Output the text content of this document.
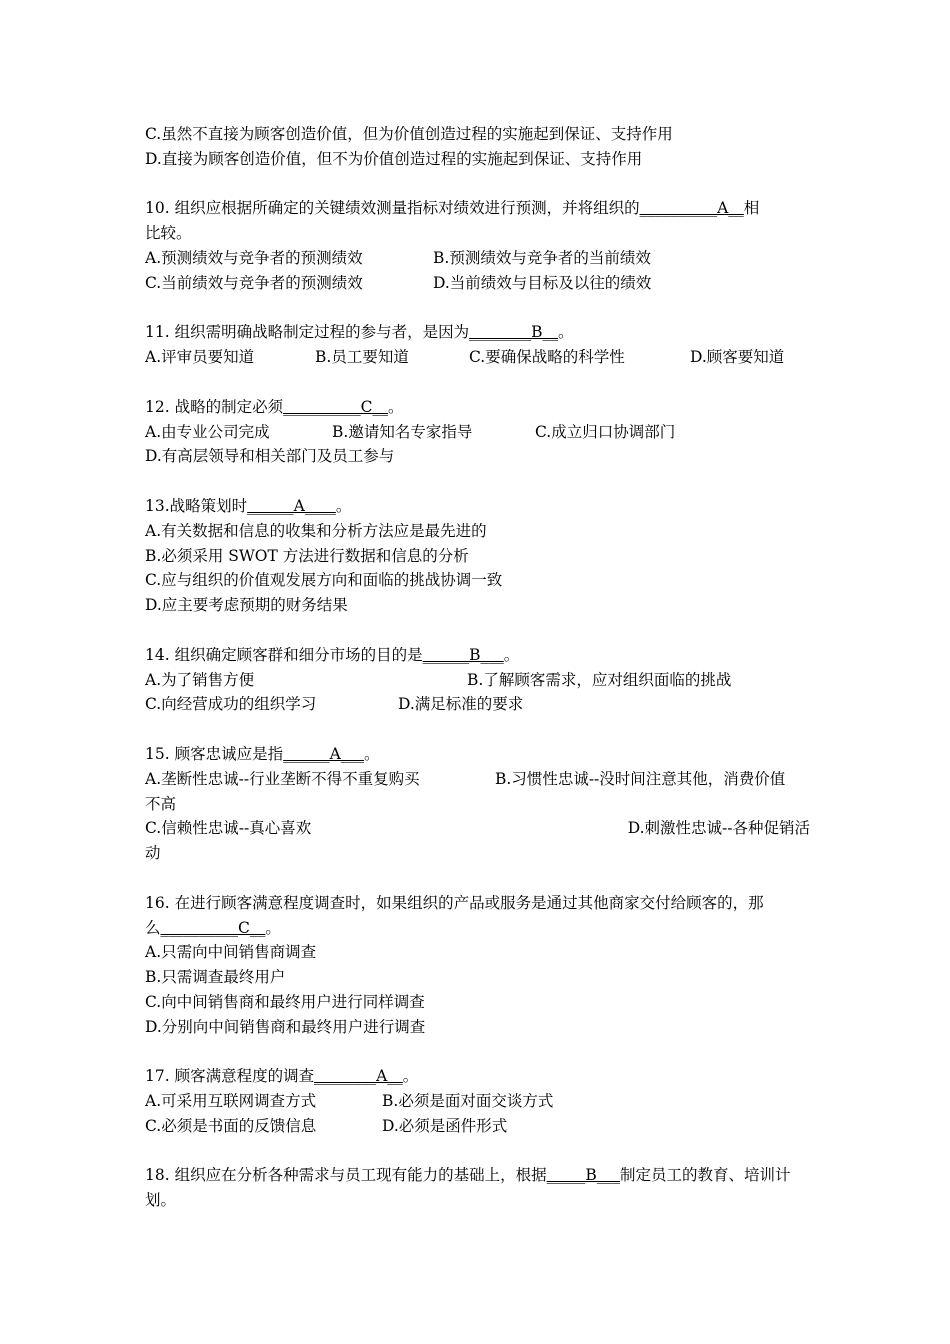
C.虽然不直接为顾客创造价值，但为价值创造过程的实施起到保证、支持作用
D.直接为顾客创造价值，但不为价值创造过程的实施起到保证、支持作用
10. 组织应根据所确定的关键绩效测量指标对绩效进行预测，并将组织的__________A__相
比较。
A.预测绩效与竞争者的预测绩效	B.预测绩效与竞争者的当前绩效
C.当前绩效与竞争者的预测绩效	D.当前绩效与目标及以往的绩效
11. 组织需明确战略制定过程的参与者，是因为________B__。
A.评审员要知道	B.员工要知道	C.要确保战略的科学性	D.顾客要知道
12. 战略的制定必须__________C__。
A.由专业公司完成	B.邀请知名专家指导	C.成立归口协调部门
D.有高层领导和相关部门及员工参与
13.战略策划时______A____。
A.有关数据和信息的收集和分析方法应是最先进的
B.必须采用 SWOT 方法进行数据和信息的分析
C.应与组织的价值观发展方向和面临的挑战协调一致
D.应主要考虑预期的财务结果
14. 组织确定顾客群和细分市场的目的是______B___。
A.为了销售方便	B.了解顾客需求，应对组织面临的挑战
C.向经营成功的组织学习	D.满足标准的要求
15. 顾客忠诚应是指______A___。
A.垄断性忠诚--行业垄断不得不重复购买	B.习惯性忠诚--没时间注意其他，消费价值
不高
C.信赖性忠诚--真心喜欢	D.刺激性忠诚--各种促销活
动
16. 在进行顾客满意程度调查时，如果组织的产品或服务是通过其他商家交付给顾客的，那
么__________C__。
A.只需向中间销售商调查
B.只需调查最终用户
C.向中间销售商和最终用户进行同样调查
D.分别向中间销售商和最终用户进行调查
17. 顾客满意程度的调查________A__。
A.可采用互联网调查方式	B.必须是面对面交谈方式
C.必须是书面的反馈信息	D.必须是函件形式
18. 组织应在分析各种需求与员工现有能力的基础上，根据_____B___制定员工的教育、培训计
划。
